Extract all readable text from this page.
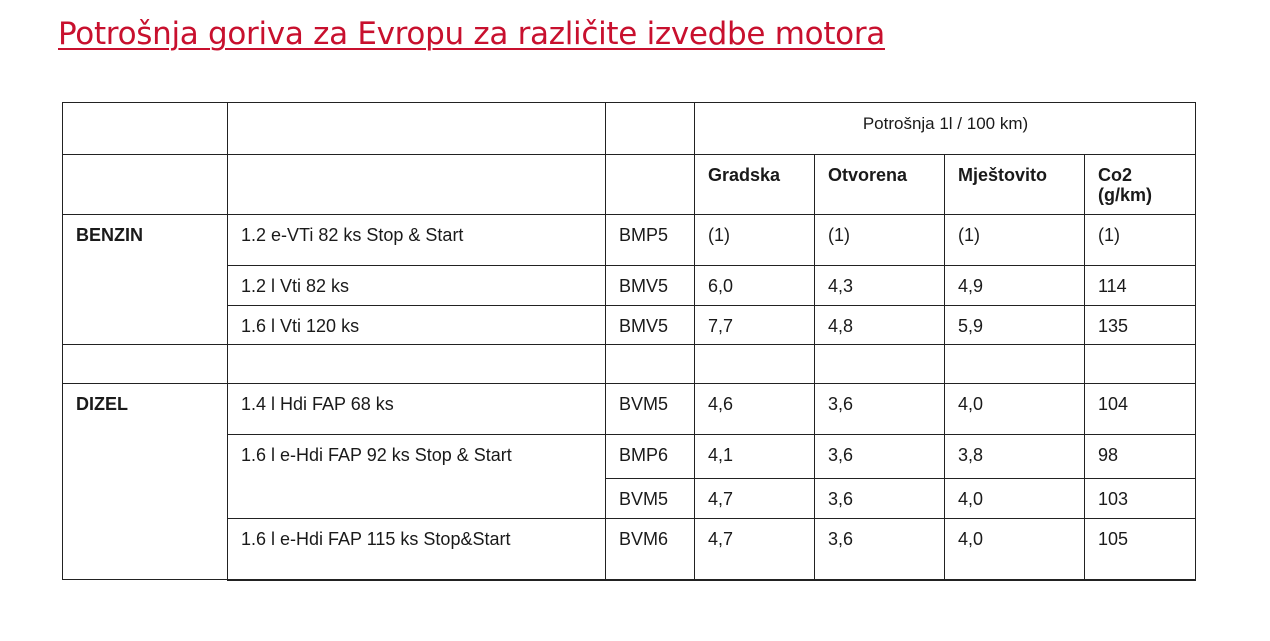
Potrošnja goriva za Evropu za različite izvedbe motora
			Potrošnja 1l / 100 km)			
			Gradska	Otvorena	Mještovito	Co2 (g/km)
BENZIN	1.2 e-VTi 82 ks Stop & Start	BMP5	(1)	(1)	(1)	(1)
	1.2 l Vti 82 ks	BMV5	6,0	4,3	4,9	114
	1.6 l Vti 120 ks	BMV5	7,7	4,8	5,9	135

DIZEL	1.4 l Hdi FAP 68 ks	BVM5	4,6	3,6	4,0	104
	1.6 l e-Hdi FAP 92 ks Stop & Start	BMP6	4,1	3,6	3,8	98
		BVM5	4,7	3,6	4,0	103
	1.6 l e-Hdi FAP 115 ks Stop&Start	BVM6	4,7	3,6	4,0	105
